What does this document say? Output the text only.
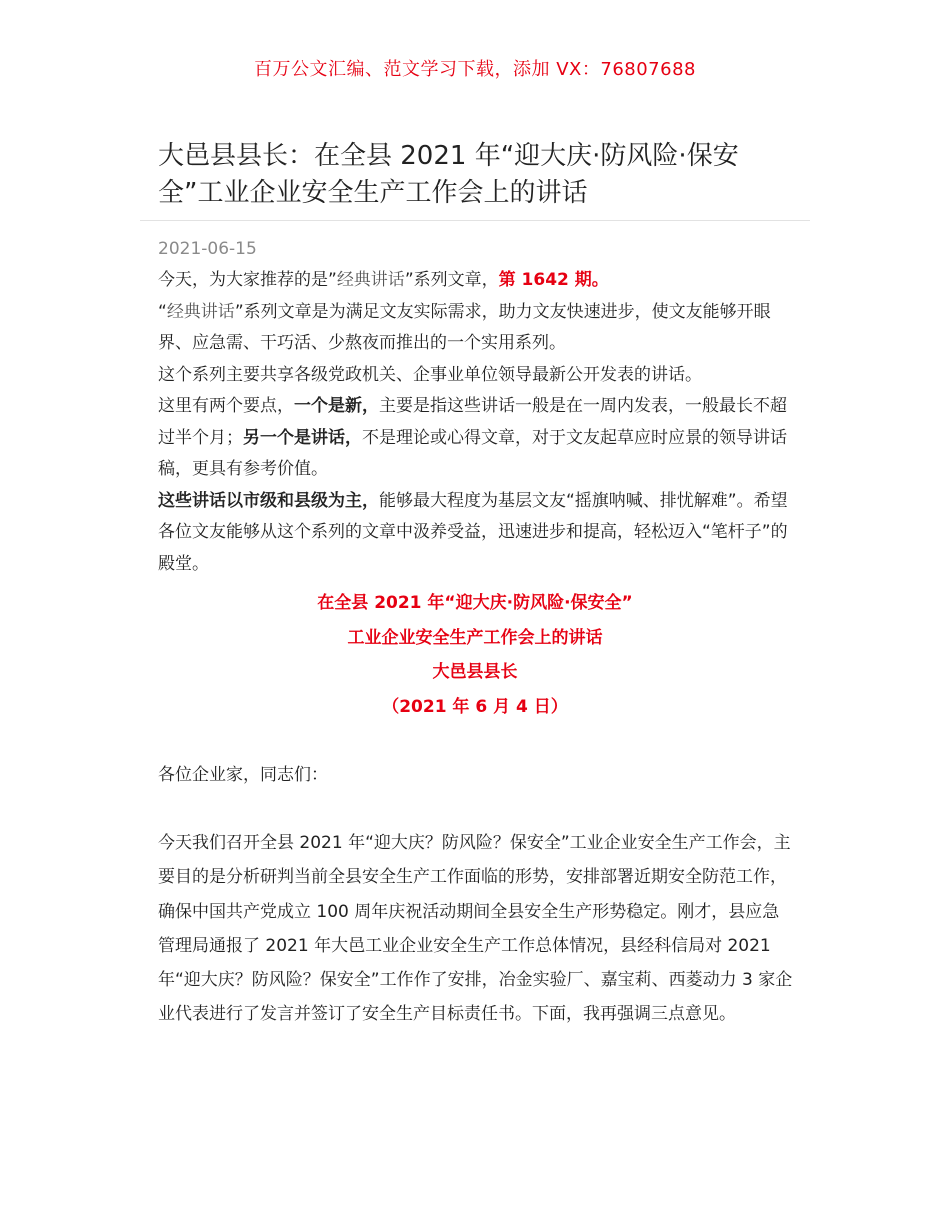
百万公文汇编、范文学习下载，添加 VX：76807688
大邑县县长：在全县 2021 年“迎大庆·防风险·保安全”工业企业安全生产工作会上的讲话
2021-06-15

今天，为大家推荐的是”经典讲话”系列文章，第 1642 期。

“经典讲话”系列文章是为满足文友实际需求，助力文友快速进步，使文友能够开眼界、应急需、干巧活、少熬夜而推出的一个实用系列。

这个系列主要共享各级党政机关、企事业单位领导最新公开发表的讲话。

这里有两个要点，一个是新，主要是指这些讲话一般是在一周内发表，一般最长不超过半个月；另一个是讲话，不是理论或心得文章，对于文友起草应时应景的领导讲话稿，更具有参考价值。

这些讲话以市级和县级为主，能够最大程度为基层文友“摇旗呐喊、排忧解难”。希望各位文友能够从这个系列的文章中汲养受益，迅速进步和提高，轻松迈入“笔杆子”的殿堂。

在全县 2021 年“迎大庆·防风险·保安全”
工业企业安全生产工作会上的讲话
大邑县县长
（2021 年 6 月 4 日）
各位企业家，同志们：

今天我们召开全县 2021 年“迎大庆？防风险？保安全”工业企业安全生产工作会，主要目的是分析研判当前全县安全生产工作面临的形势，安排部署近期安全防范工作，确保中国共产党成立 100 周年庆祝活动期间全县安全生产形势稳定。刚才，县应急管理局通报了 2021 年大邑工业企业安全生产工作总体情况，县经科信局对 2021 年“迎大庆？防风险？保安全”工作作了安排，冶金实验厂、嘉宝莉、西菱动力 3 家企业代表进行了发言并签订了安全生产目标责任书。下面，我再强调三点意见。
